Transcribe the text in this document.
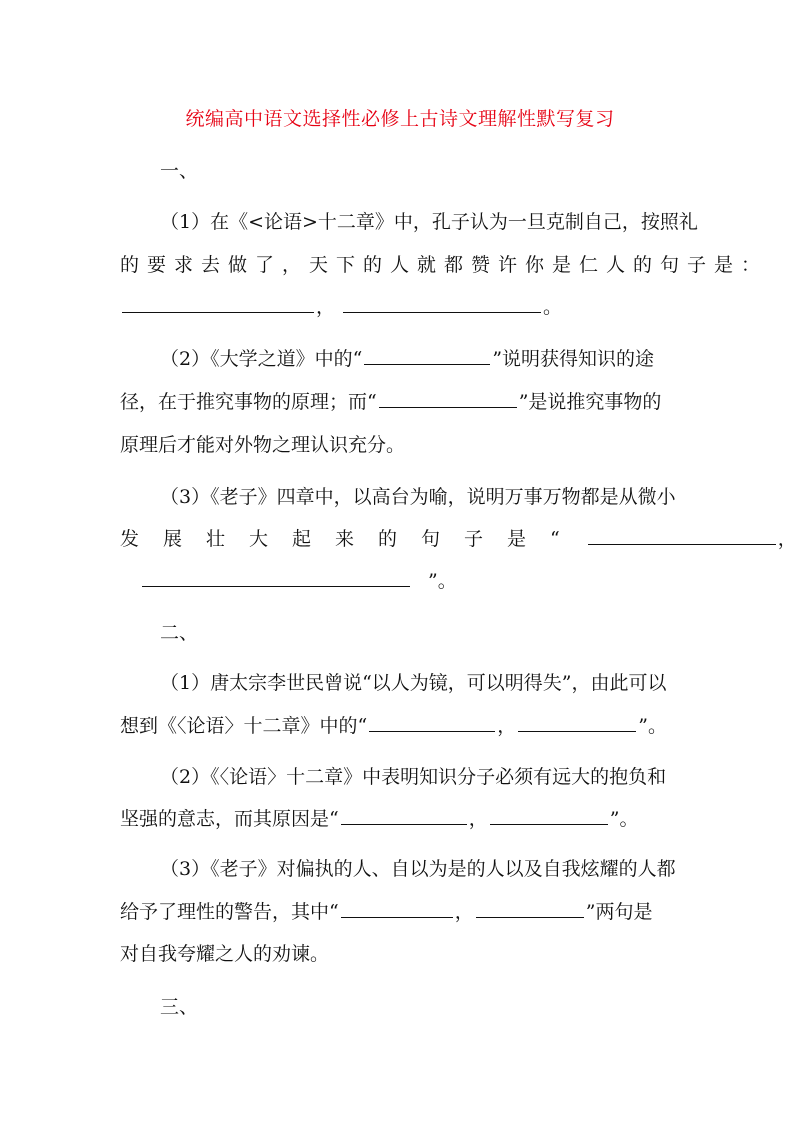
统编高中语文选择性必修上古诗文理解性默写复习
一、
（1）在《<论语>十二章》中，孔子认为一旦克制自己，按照礼
的要求去做了，天下的人就都赞许你是仁人的句子是：
，	。
（2）《大学之道》中的“	”说明获得知识的途
径，在于推究事物的原理；而“	”是说推究事物的
原理后才能对外物之理认识充分。
（3）《老子》四章中，以高台为喻，说明万事万物都是从微小
发展壮大起来的句子是“	，
”。
二、
（1）唐太宗李世民曾说“以人为镜，可以明得失”，由此可以
想到《〈论语〉十二章》中的“	，	”。
（2）《〈论语〉十二章》中表明知识分子必须有远大的抱负和
坚强的意志，而其原因是“	，	”。
（3）《老子》对偏执的人、自以为是的人以及自我炫耀的人都
给予了理性的警告，其中“	，	”两句是
对自我夸耀之人的劝谏。
三、
